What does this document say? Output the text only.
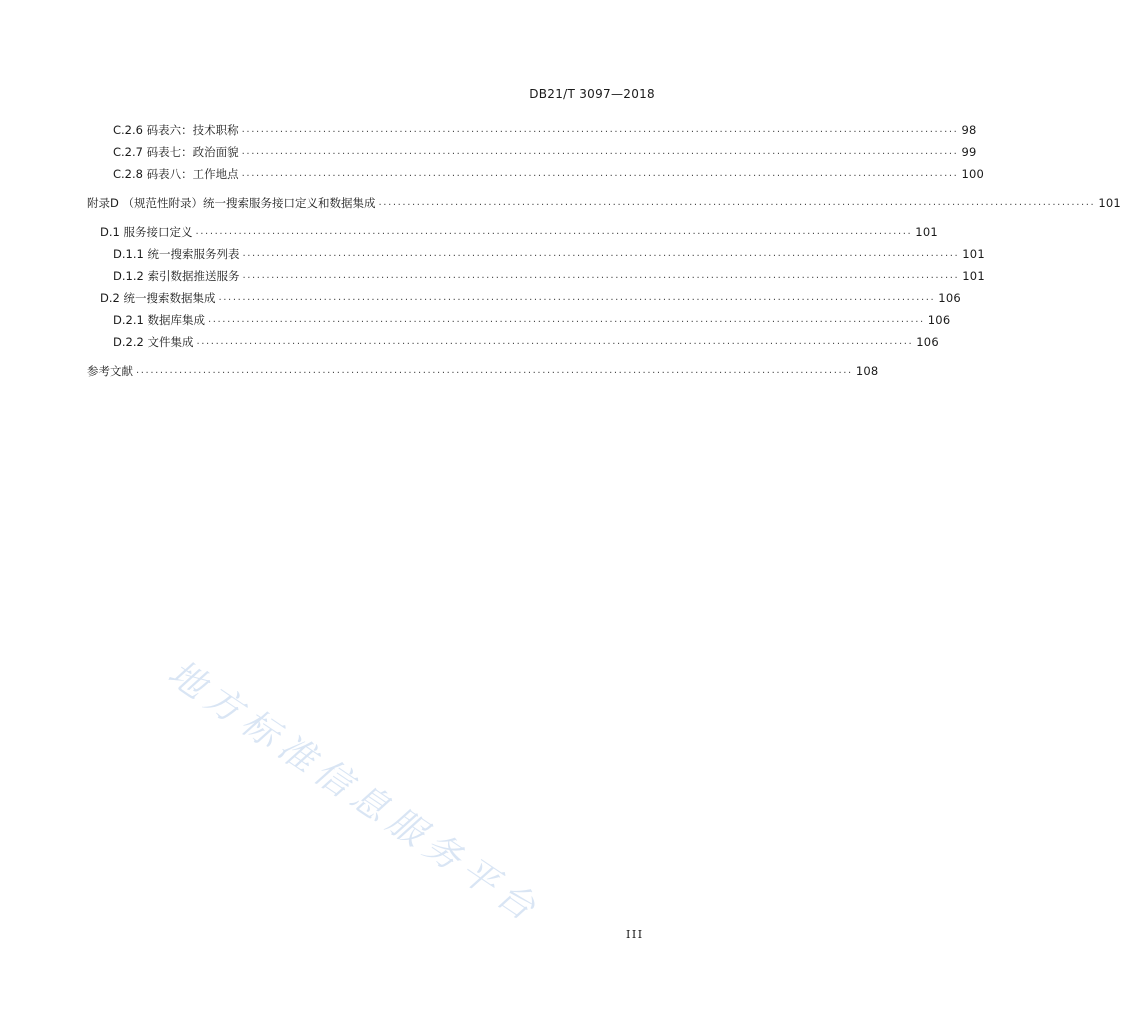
DB21/T 3097—2018
C.2.6 码表六：技术职称 ...................................................................................................................................................... 98
C.2.7 码表七：政治面貌 ...................................................................................................................................................... 99
C.2.8 码表八：工作地点 ...................................................................................................................................................... 100
附录D （规范性附录）统一搜索服务接口定义和数据集成 ...................................................................................................................................................... 101
D.1 服务接口定义 ...................................................................................................................................................... 101
D.1.1 统一搜索服务列表 ...................................................................................................................................................... 101
D.1.2 索引数据推送服务 ...................................................................................................................................................... 101
D.2 统一搜索数据集成 ...................................................................................................................................................... 106
D.2.1 数据库集成 ...................................................................................................................................................... 106
D.2.2 文件集成 ...................................................................................................................................................... 106
参考文献 ...................................................................................................................................................... 108
地方标准信息服务平台
III
